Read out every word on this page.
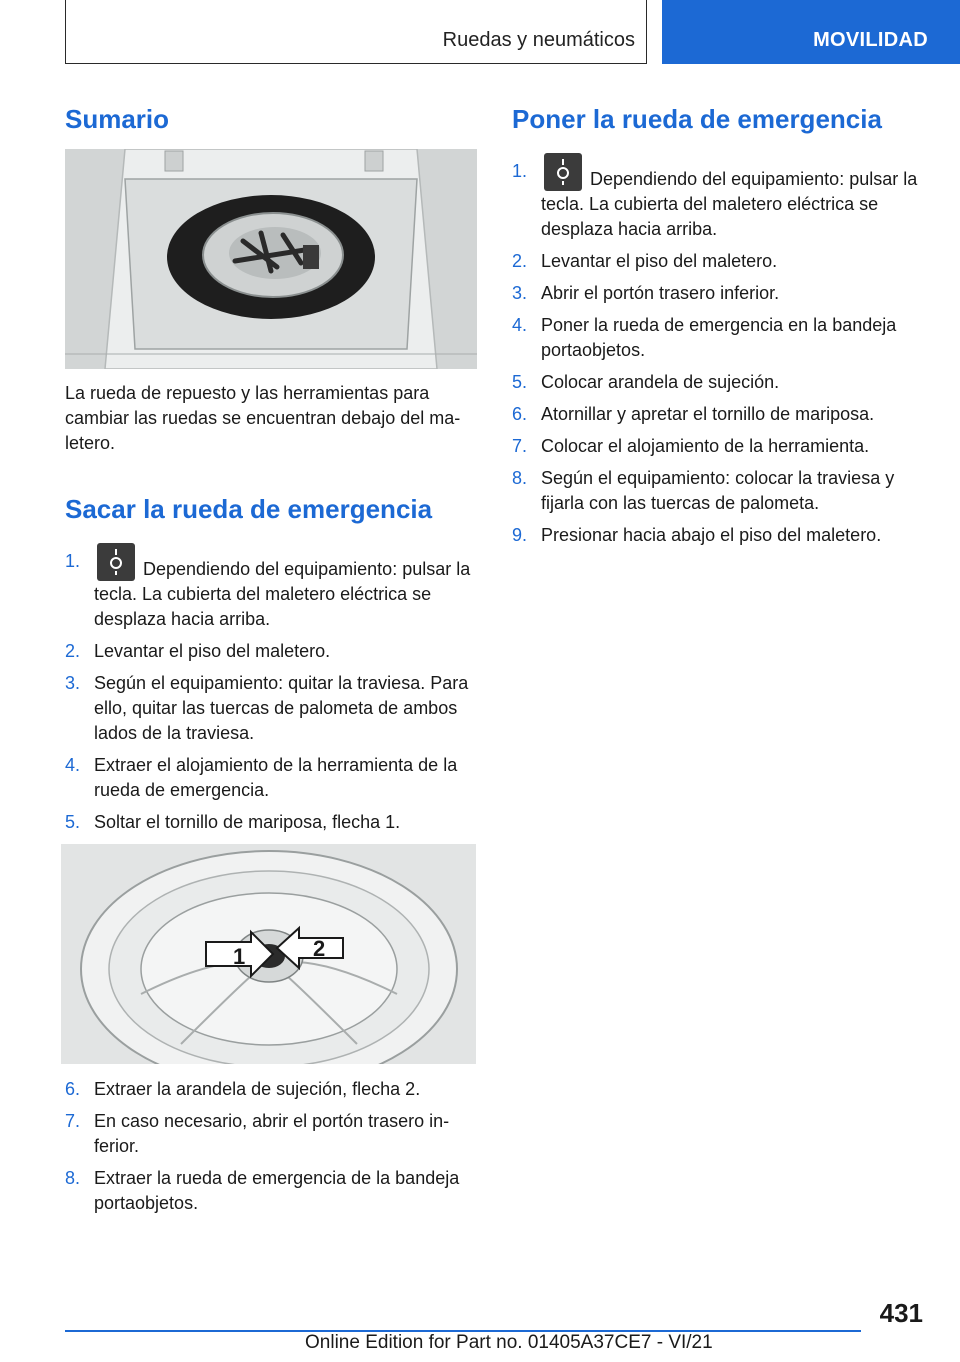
Ruedas y neumáticos	MOVILIDAD
Sumario

La rueda de repuesto y las herramientas para cambiar las ruedas se encuentran debajo del ma-letero.

Sacar la rueda de emergencia
1.	Dependiendo del equipamiento: pulsar la tecla. La cubierta del maletero eléctrica se desplaza hacia arriba.
2. Levantar el piso del maletero.
3. Según el equipamiento: quitar la traviesa. Para ello, quitar las tuercas de palometa de ambos lados de la traviesa.
4. Extraer el alojamiento de la herramienta de la rueda de emergencia.
5. Soltar el tornillo de mariposa, flecha 1.
1	2
6. Extraer la arandela de sujeción, flecha 2.
7. En caso necesario, abrir el portón trasero in-ferior.
8. Extraer la rueda de emergencia de la bandeja portaobjetos.
Poner la rueda de emergencia
1.	Dependiendo del equipamiento: pulsar la tecla. La cubierta del maletero eléctrica se desplaza hacia arriba.
2. Levantar el piso del maletero.
3. Abrir el portón trasero inferior.
4. Poner la rueda de emergencia en la bandeja portaobjetos.
5. Colocar arandela de sujeción.
6. Atornillar y apretar el tornillo de mariposa.
7. Colocar el alojamiento de la herramienta.
8. Según el equipamiento: colocar la traviesa y fijarla con las tuercas de palometa.
9. Presionar hacia abajo el piso del maletero.
431
Online Edition for Part no. 01405A37CE7 - VI/21
